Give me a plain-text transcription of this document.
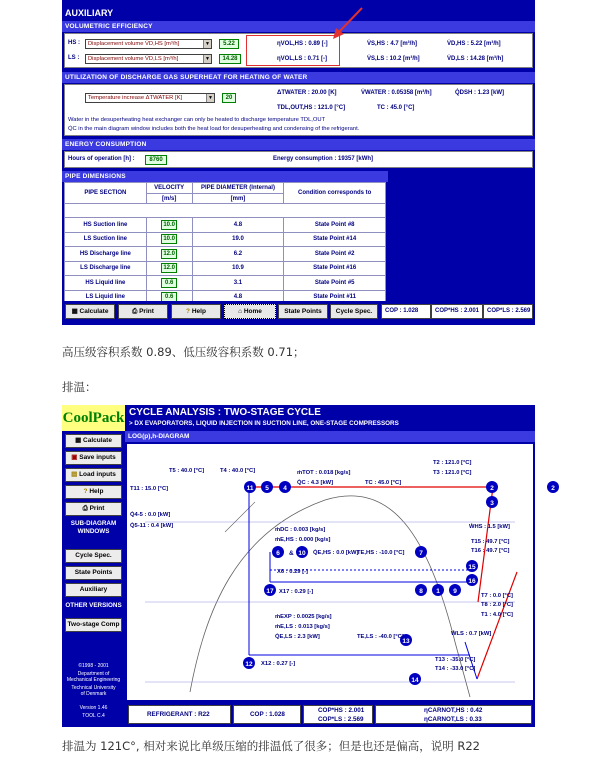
AUXILIARY
VOLUMETRIC EFFICIENCY
HS :
LS :
Displacement volume V̇D,HS [m³/h]	▼
Displacement volume V̇D,LS [m³/h]	▼
5.22
14.28
ηVOL,HS : 0.89 [-]
ηVOL,LS : 0.71 [-]
V̇S,HS : 4.7 [m³/h]
V̇S,LS : 10.2 [m³/h]
V̇D,HS : 5.22 [m³/h]
V̇D,LS : 14.28 [m³/h]
UTILIZATION OF DISCHARGE GAS SUPERHEAT FOR HEATING OF WATER
Temperature increase ΔTWATER [K]	▼	20
ΔTWATER : 20.00 [K]	V̇WATER : 0.05358 [m³/h]	Q̇DSH : 1.23 [kW]
TDL,OUT,HS : 121.0 [°C]	TC : 45.0 [°C]
Water in the desuperheating heat exchanger can only be heated to discharge temperature TDL,OUT
Q̇C in the main diagram window includes both the heat load for desuperheating and condensing of the refrigerant.
ENERGY CONSUMPTION
Hours of operation [h] :	8760	Energy consumption : 19357 [kWh]
PIPE DIMENSIONS
PIPE SECTION	VELOCITY	PIPE DIAMETER (Internal)	Condition corresponds to
	[m/s]	[mm]	

HS Suction line	10.0	4.8	State Point #8
LS Suction line	10.0	19.0	State Point #14
HS Discharge line	12.0	6.2	State Point #2
LS Discharge line	12.0	10.9	State Point #16
HS Liquid line	0.6	3.1	State Point #5
LS Liquid line	0.6	4.8	State Point #11
▦ Calculate	⎙ Print	? Help	⌂ Home	State Points	Cycle Spec.	COP : 1.028	COP*HS : 2.001	COP*LS : 2.569
高压级容积系数 0.89、低压级容积系数 0.71；
排温：
排温为 121C°, 相对来说比单级压缩的排温低了很多；但是也还是偏高，说明 R22
CoolPack
▦ Calculate
▣ Save inputs
▤ Load inputs
? Help
⎙ Print
SUB-DIAGRAM WINDOWS
Cycle Spec.
State Points
Auxiliary
OTHER VERSIONS
Two-stage Comp
©1998 - 2001
Department of
Mechanical Engineering
Technical University
of Denmark
Version 1.46
TOOL C.4
CYCLE ANALYSIS : TWO-STAGE CYCLE
> DX EVAPORATORS, LIQUID INJECTION IN SUCTION LINE, ONE-STAGE COMPRESSORS
LOG(p),h-DIAGRAM
11 5 4	2
2
3
6 & 10	7
17	8 1 9
15
16
12
13
14
T5 : 40.0 [°C]	T4 : 40.0 [°C]
T11 : 15.0 [°C]
Q̇4-5 : 0.0 [kW]
Q̇5-11 : 0.4 [kW]
ṁTOT : 0.018 [kg/s]
Q̇C : 4.3 [kW]	TC : 45.0 [°C]
T2 : 121.0 [°C]
T3 : 121.0 [°C]
ẆHS : 1.5 [kW]
ṁDC : 0.003 [kg/s]
ṁE,HS : 0.000 [kg/s]
Q̇E,HS : 0.0 [kW]
TE,HS : -10.0 [°C]
T15 : 49.7 [°C]
T16 : 49.7 [°C]
X6 : 0.29 [-]
X17 : 0.29 [-]
T7 : 0.0 [°C]
T8 : 2.0 [°C]
T1 : 4.0 [°C]
ṁEXP : 0.0025 [kg/s]
ṁE,LS : 0.013 [kg/s]
Q̇E,LS : 2.3 [kW]	TE,LS : -40.0 [°C]	ẆLS : 0.7 [kW]
T13 : -35.0 [°C]
T14 : -33.0 [°C]
X12 : 0.27 [-]
REFRIGERANT : R22	COP : 1.028
COP*HS : 2.001
COP*LS : 2.569
ηCARNOT,HS : 0.42
ηCARNOT,LS : 0.33
